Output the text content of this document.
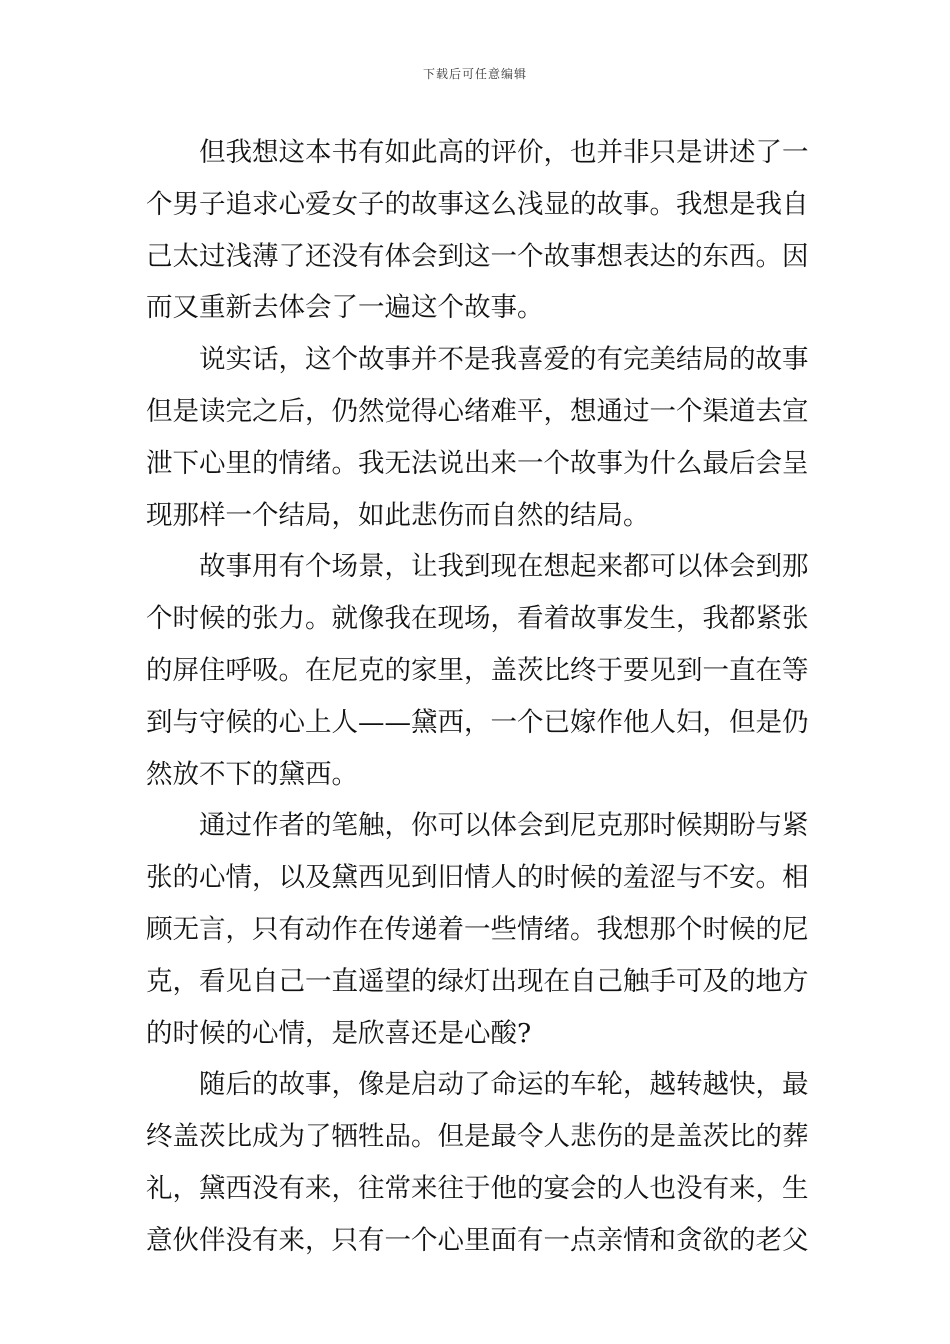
下载后可任意编辑
但我想这本书有如此高的评价，也并非只是讲述了一
个男子追求心爱女子的故事这么浅显的故事。我想是我自
己太过浅薄了还没有体会到这一个故事想表达的东西。因
而又重新去体会了一遍这个故事。
说实话，这个故事并不是我喜爱的有完美结局的故事
但是读完之后，仍然觉得心绪难平，想通过一个渠道去宣
泄下心里的情绪。我无法说出来一个故事为什么最后会呈
现那样一个结局，如此悲伤而自然的结局。
故事用有个场景，让我到现在想起来都可以体会到那
个时候的张力。就像我在现场，看着故事发生，我都紧张
的屏住呼吸。在尼克的家里，盖茨比终于要见到一直在等
到与守候的心上人——黛西，一个已嫁作他人妇，但是仍
然放不下的黛西。
通过作者的笔触，你可以体会到尼克那时候期盼与紧
张的心情，以及黛西见到旧情人的时候的羞涩与不安。相
顾无言，只有动作在传递着一些情绪。我想那个时候的尼
克，看见自己一直遥望的绿灯出现在自己触手可及的地方
的时候的心情，是欣喜还是心酸?
随后的故事，像是启动了命运的车轮，越转越快，最
终盖茨比成为了牺牲品。但是最令人悲伤的是盖茨比的葬
礼，黛西没有来，往常来往于他的宴会的人也没有来，生
意伙伴没有来，只有一个心里面有一点亲情和贪欲的老父
